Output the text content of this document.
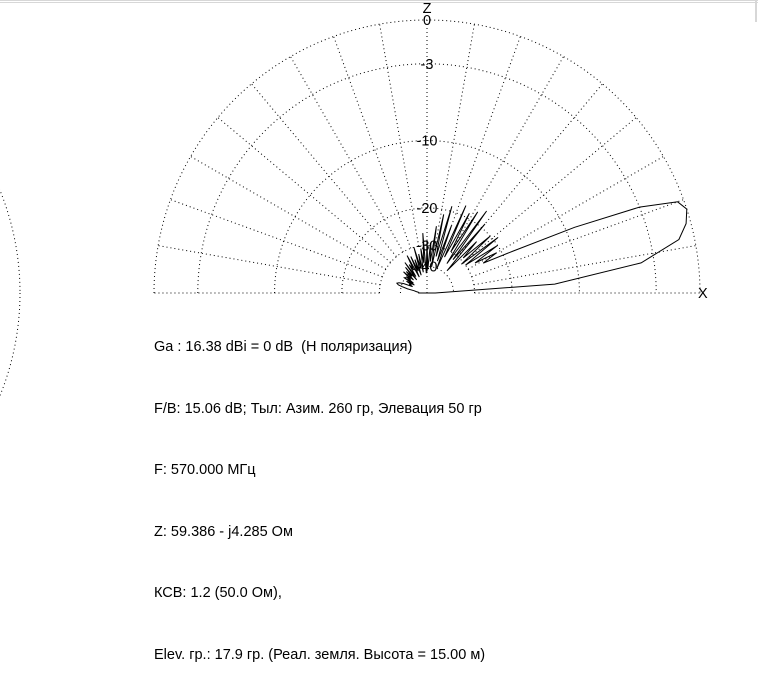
0
-3
-10
-20
-30
-40
Z
X

Ga : 16.38 dBi = 0 dB  (H поляризация)

F/B: 15.06 dB; Тыл: Азим. 260 гр, Элевация 50 гр

F: 570.000 МГц

Z: 59.386 - j4.285 Ом

КСВ: 1.2 (50.0 Ом),

Elev. гр.: 17.9 гр. (Реал. земля. Высота = 15.00 м)
